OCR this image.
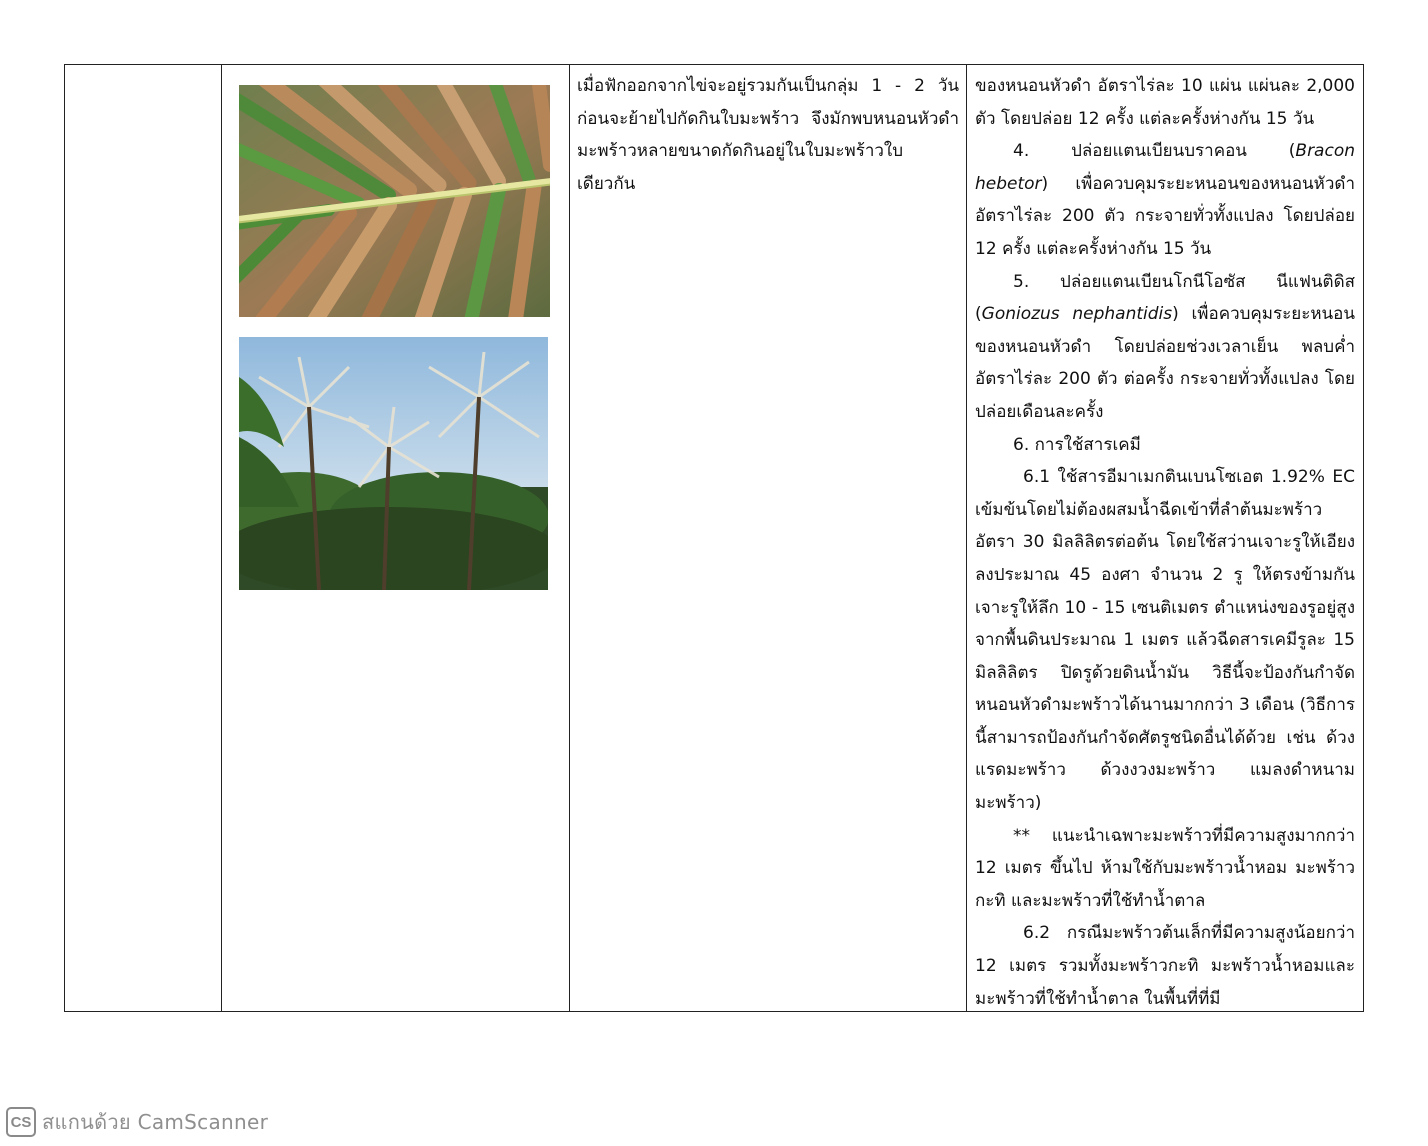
เมื่อฟักออกจากไข่จะอยู่รวมกันเป็นกลุ่ม 1 - 2 วัน ก่อนจะย้ายไปกัดกินใบมะพร้าว จึงมักพบหนอนหัวดำมะพร้าวหลายขนาดกัดกินอยู่ในใบมะพร้าวใบเดียวกัน

ของหนอนหัวดำ อัตราไร่ละ 10 แผ่น แผ่นละ 2,000 ตัว โดยปล่อย 12 ครั้ง แต่ละครั้งห่างกัน 15 วัน

4. ปล่อยแตนเบียนบราคอน (Bracon hebetor) เพื่อควบคุมระยะหนอนของหนอนหัวดำ อัตราไร่ละ 200 ตัว กระจายทั่วทั้งแปลง โดยปล่อย 12 ครั้ง แต่ละครั้งห่างกัน 15 วัน

5. ปล่อยแตนเบียนโกนีโอซัส นีแฟนติดิส (Goniozus nephantidis) เพื่อควบคุมระยะหนอนของหนอนหัวดำ โดยปล่อยช่วงเวลาเย็น พลบค่ำ อัตราไร่ละ 200 ตัว ต่อครั้ง กระจายทั่วทั้งแปลง โดยปล่อยเดือนละครั้ง

6. การใช้สารเคมี

6.1 ใช้สารอีมาเมกตินเบนโซเอต 1.92% EC เข้มข้นโดยไม่ต้องผสมน้ำฉีดเข้าที่ลำต้นมะพร้าว อัตรา 30 มิลลิลิตรต่อต้น โดยใช้สว่านเจาะรูให้เอียงลงประมาณ 45 องศา จำนวน 2 รู ให้ตรงข้ามกัน เจาะรูให้ลึก 10 - 15 เซนติเมตร ตำแหน่งของรูอยู่สูงจากพื้นดินประมาณ 1 เมตร แล้วฉีดสารเคมีรูละ 15 มิลลิลิตร ปิดรูด้วยดินน้ำมัน วิธีนี้จะป้องกันกำจัดหนอนหัวดำมะพร้าวได้นานมากกว่า 3 เดือน (วิธีการนี้สามารถป้องกันกำจัดศัตรูชนิดอื่นได้ด้วย เช่น ด้วงแรดมะพร้าว ด้วงงวงมะพร้าว แมลงดำหนามมะพร้าว)

** แนะนำเฉพาะมะพร้าวที่มีความสูงมากกว่า 12 เมตร ขึ้นไป ห้ามใช้กับมะพร้าวน้ำหอม มะพร้าวกะทิ และมะพร้าวที่ใช้ทำน้ำตาล

6.2 กรณีมะพร้าวต้นเล็กที่มีความสูงน้อยกว่า 12 เมตร รวมทั้งมะพร้าวกะทิ มะพร้าวน้ำหอมและมะพร้าวที่ใช้ทำน้ำตาล ในพื้นที่ที่มี

CS สแกนด้วย CamScanner
